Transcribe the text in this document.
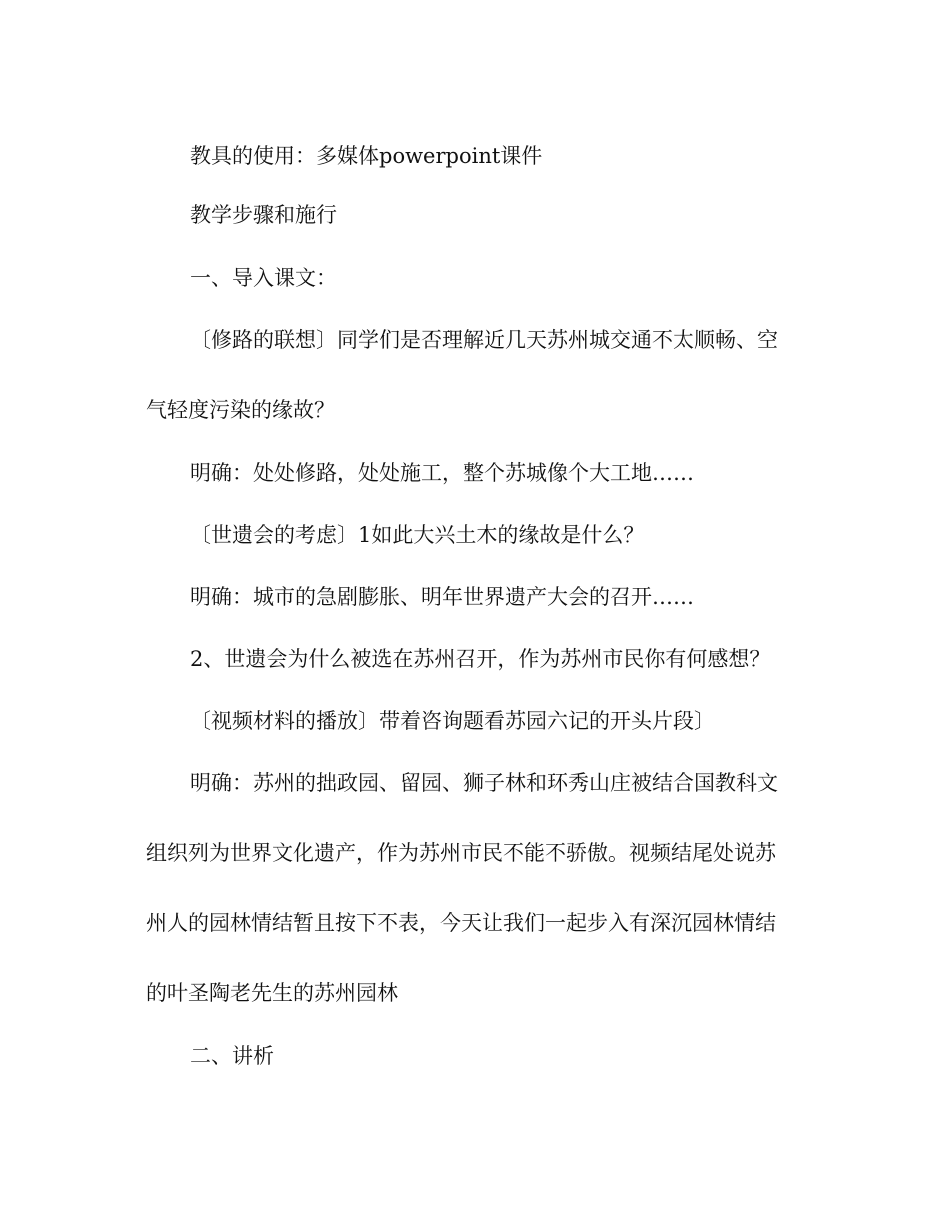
教具的使用：多媒体powerpoint课件
教学步骤和施行
一、导入课文：
〔修路的联想〕同学们是否理解近几天苏州城交通不太顺畅、空
气轻度污染的缘故？
明确：处处修路，处处施工，整个苏城像个大工地……
〔世遗会的考虑〕1如此大兴土木的缘故是什么？
明确：城市的急剧膨胀、明年世界遗产大会的召开……
2、世遗会为什么被选在苏州召开，作为苏州市民你有何感想？
〔视频材料的播放〕带着咨询题看苏园六记的开头片段〕
明确：苏州的拙政园、留园、狮子林和环秀山庄被结合国教科文
组织列为世界文化遗产，作为苏州市民不能不骄傲。视频结尾处说苏
州人的园林情结暂且按下不表，今天让我们一起步入有深沉园林情结
的叶圣陶老先生的苏州园林
二、讲析
